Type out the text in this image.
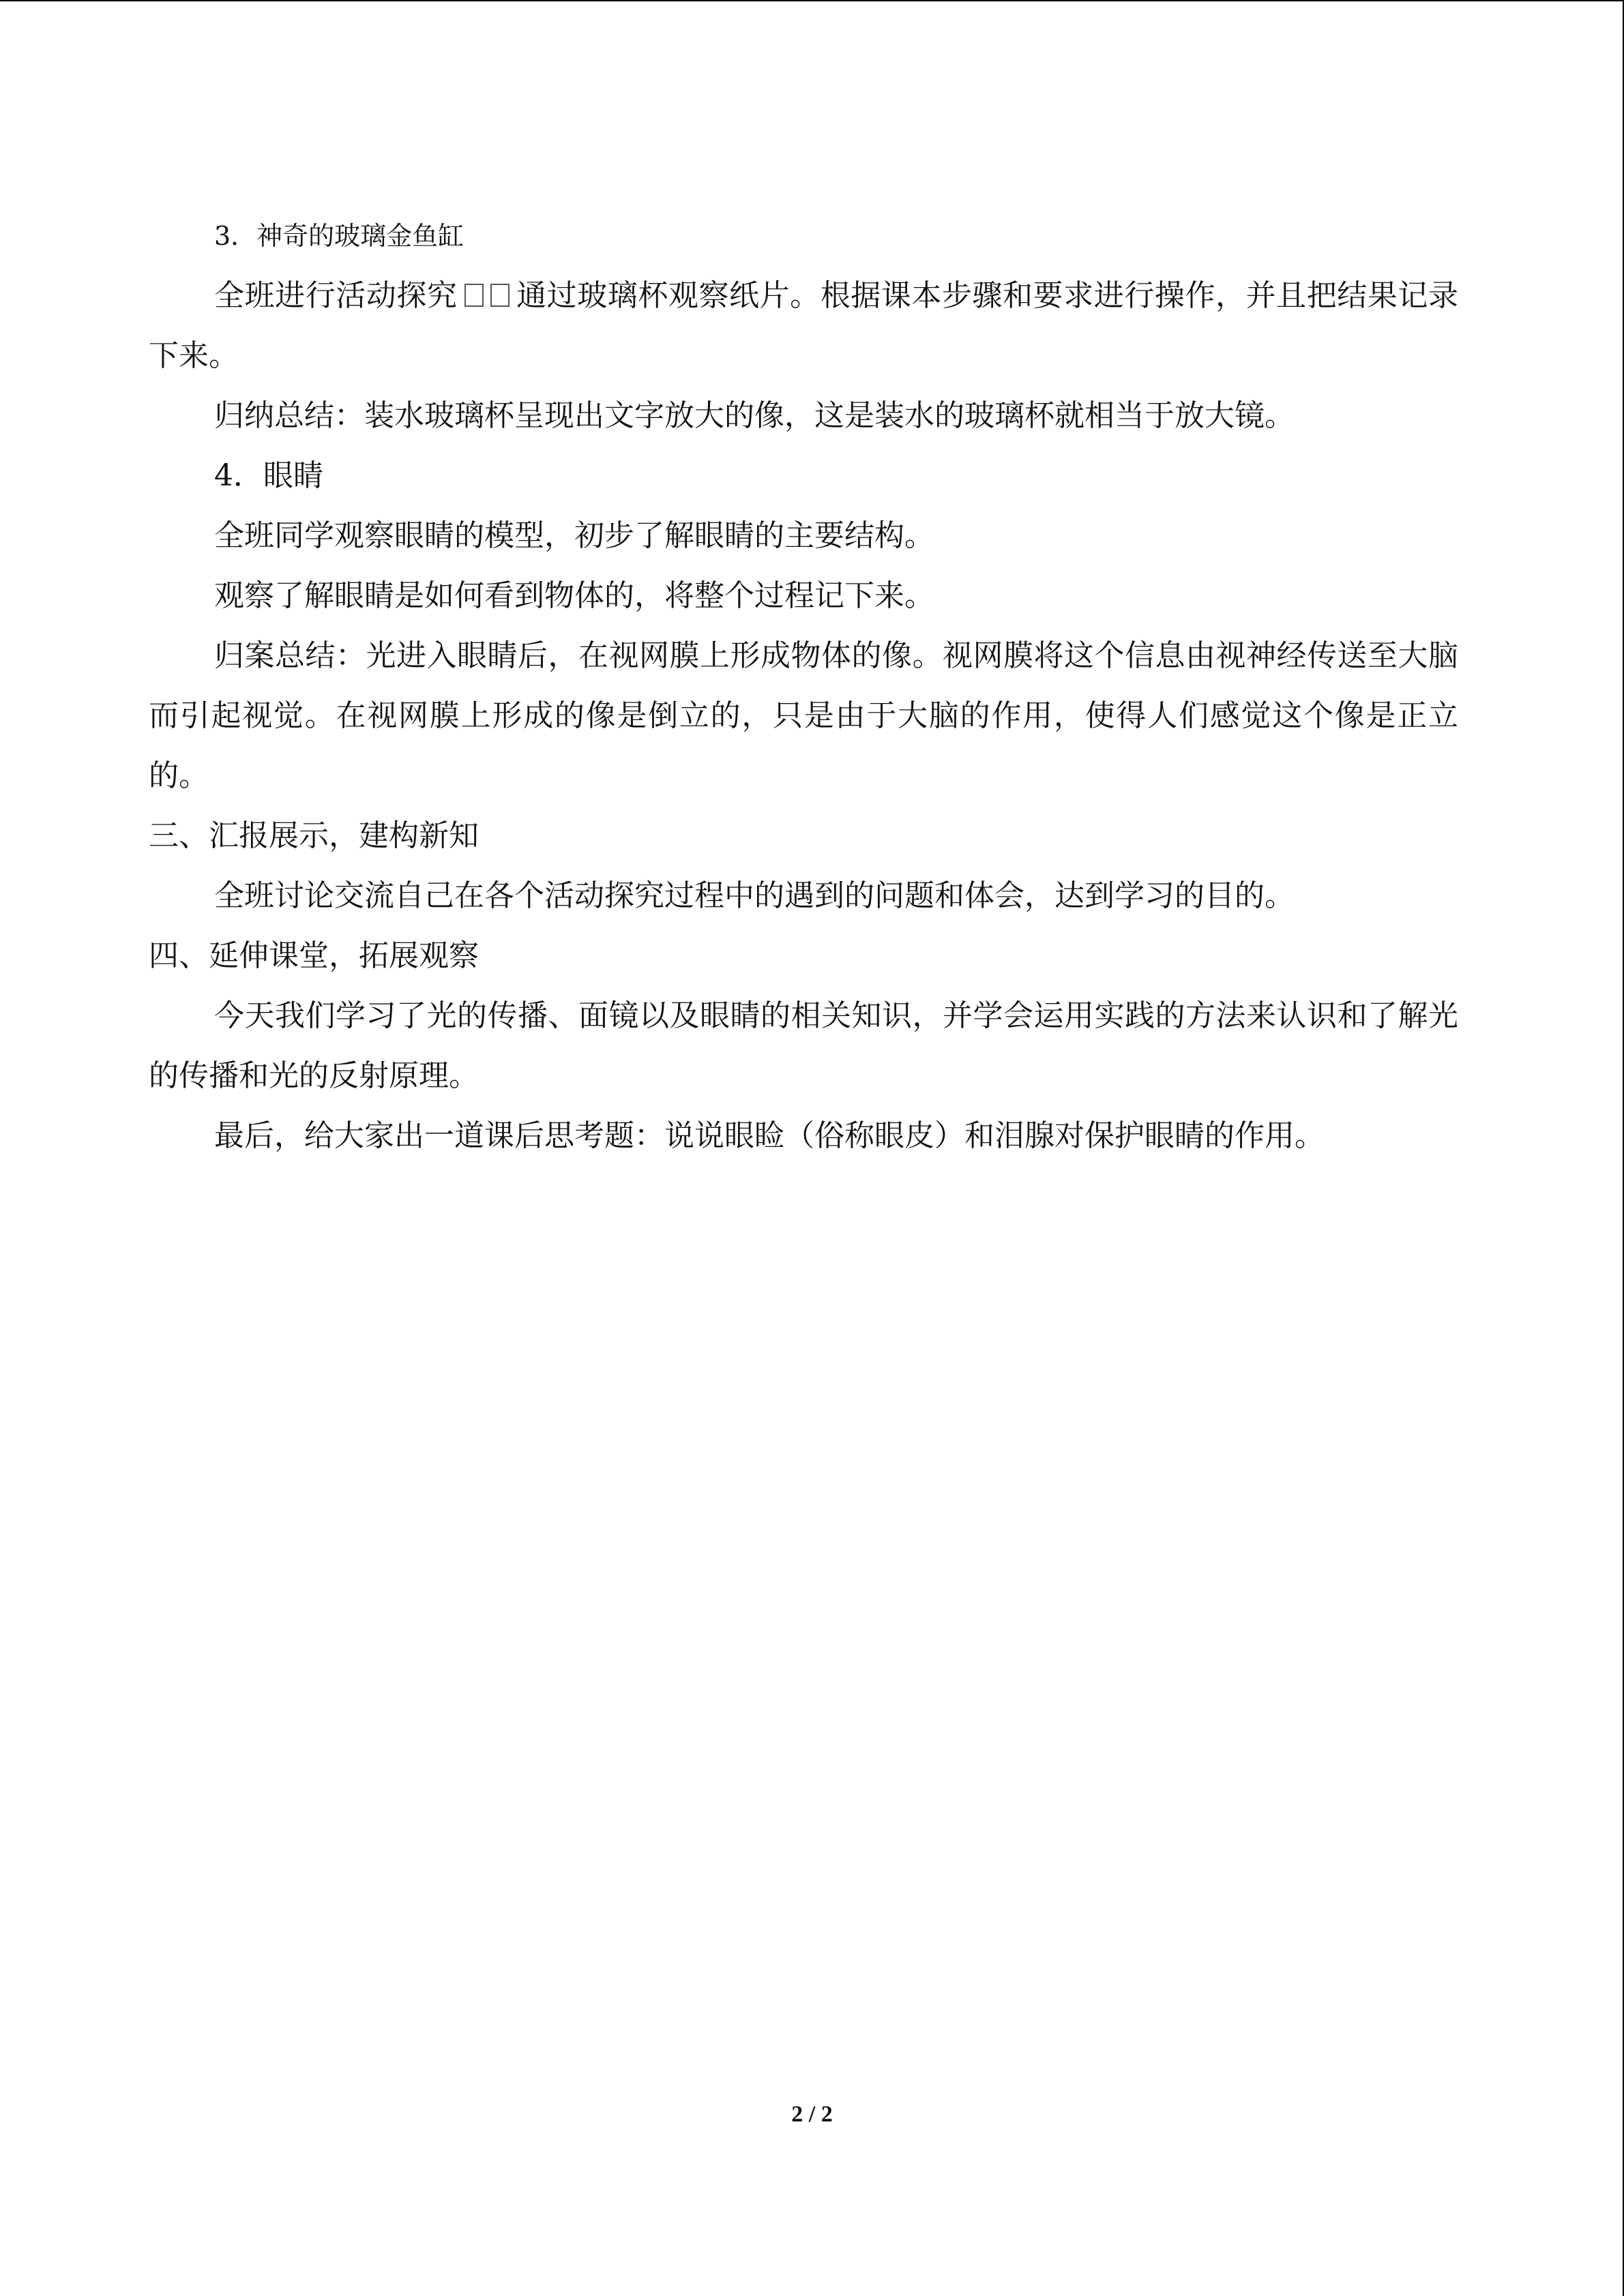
3．神奇的玻璃金鱼缸

全班进行活动探究 通过玻璃杯观察纸片。根据课本步骤和要求进行操作，并且把结果记录下来。

归纳总结：装水玻璃杯呈现出文字放大的像，这是装水的玻璃杯就相当于放大镜。

4．眼睛

全班同学观察眼睛的模型，初步了解眼睛的主要结构。

观察了解眼睛是如何看到物体的，将整个过程记下来。

归案总结：光进入眼睛后，在视网膜上形成物体的像。视网膜将这个信息由视神经传送至大脑而引起视觉。在视网膜上形成的像是倒立的，只是由于大脑的作用，使得人们感觉这个像是正立的。

三、汇报展示，建构新知

全班讨论交流自己在各个活动探究过程中的遇到的问题和体会，达到学习的目的。

四、延伸课堂，拓展观察

今天我们学习了光的传播、面镜以及眼睛的相关知识，并学会运用实践的方法来认识和了解光的传播和光的反射原理。

最后，给大家出一道课后思考题：说说眼睑（俗称眼皮）和泪腺对保护眼睛的作用。

2 / 2
